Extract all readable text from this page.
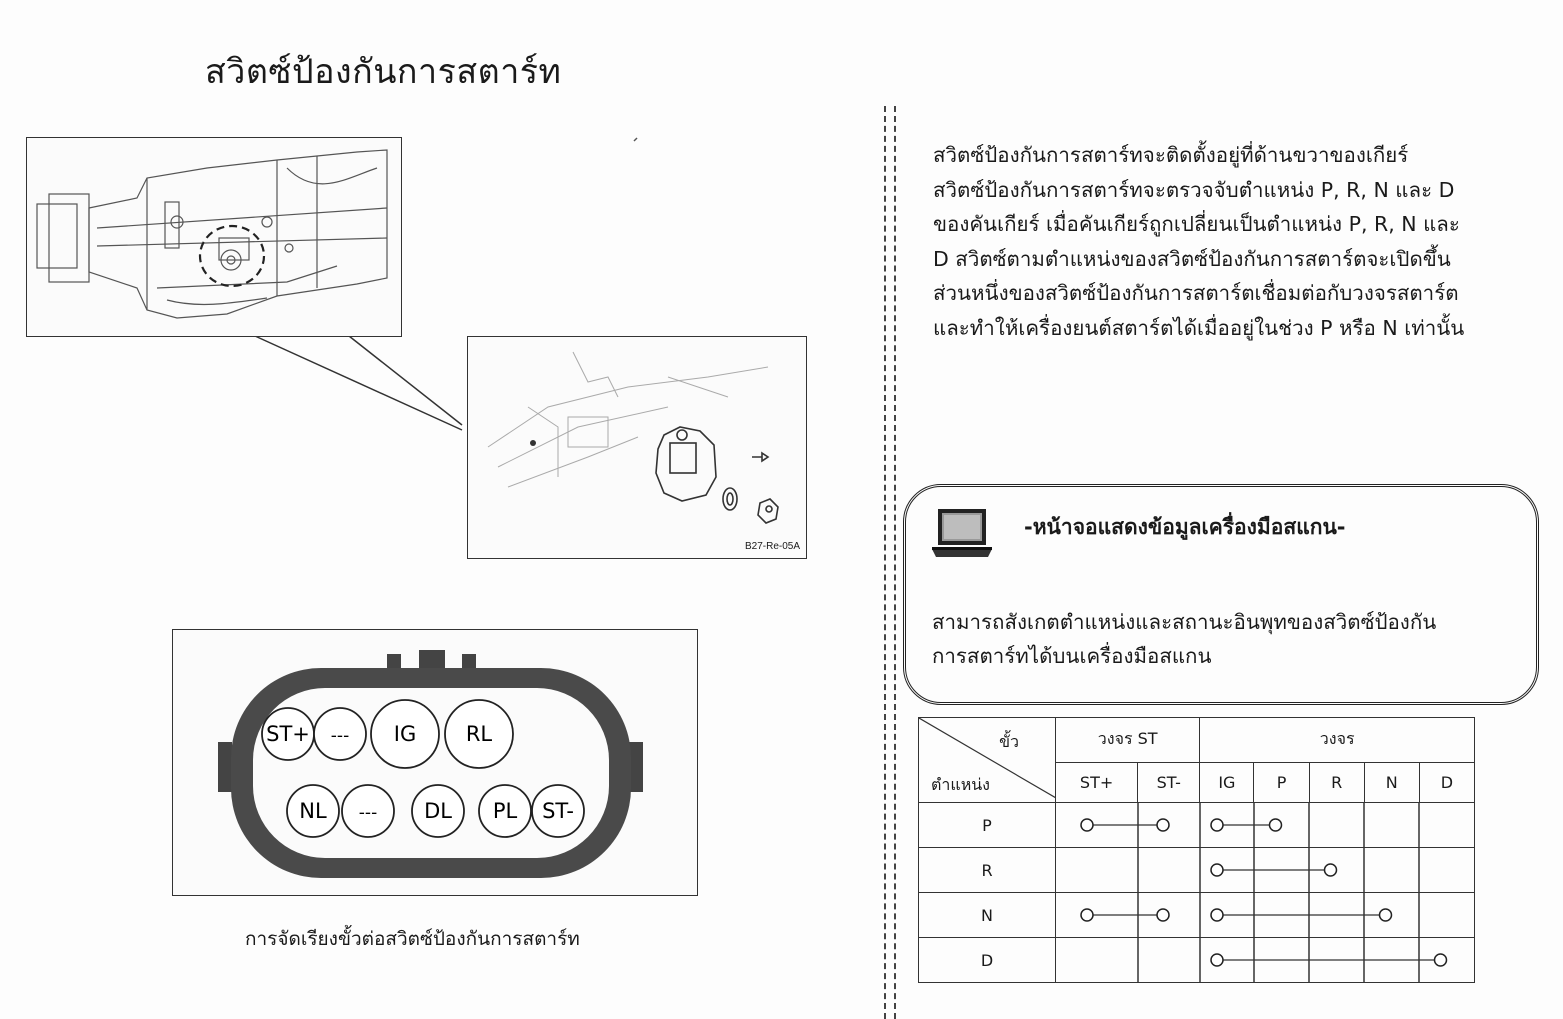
สวิตซ์ป้องกันการสตาร์ท
B27-Re-05A
ST+ --- IG RL
NL --- DL PL ST-
การจัดเรียงขั้วต่อสวิตซ์ป้องกันการสตาร์ท

สวิตซ์ป้องกันการสตาร์ทจะติดตั้งอยู่ที่ด้านขวาของเกียร์

สวิตซ์ป้องกันการสตาร์ทจะตรวจจับตำแหน่ง P, R, N และ D

ของคันเกียร์ เมื่อคันเกียร์ถูกเปลี่ยนเป็นตำแหน่ง P, R, N และ

D สวิตซ์ตามตำแหน่งของสวิตซ์ป้องกันการสตาร์ตจะเปิดขึ้น

ส่วนหนึ่งของสวิตซ์ป้องกันการสตาร์ตเชื่อมต่อกับวงจรสตาร์ต

และทำให้เครื่องยนต์สตาร์ตได้เมื่ออยู่ในช่วง P หรือ N เท่านั้น

-หน้าจอแสดงข้อมูลเครื่องมือสแกน-

สามารถสังเกตตำแหน่งและสถานะอินพุทของสวิตซ์ป้องกัน

การสตาร์ทได้บนเครื่องมือสแกน

ขั้ว
ตำแหน่ง	วงจร ST		วงจร				
	ST+	ST-	IG	P	R	N	D
P	

R	

N	

D	
